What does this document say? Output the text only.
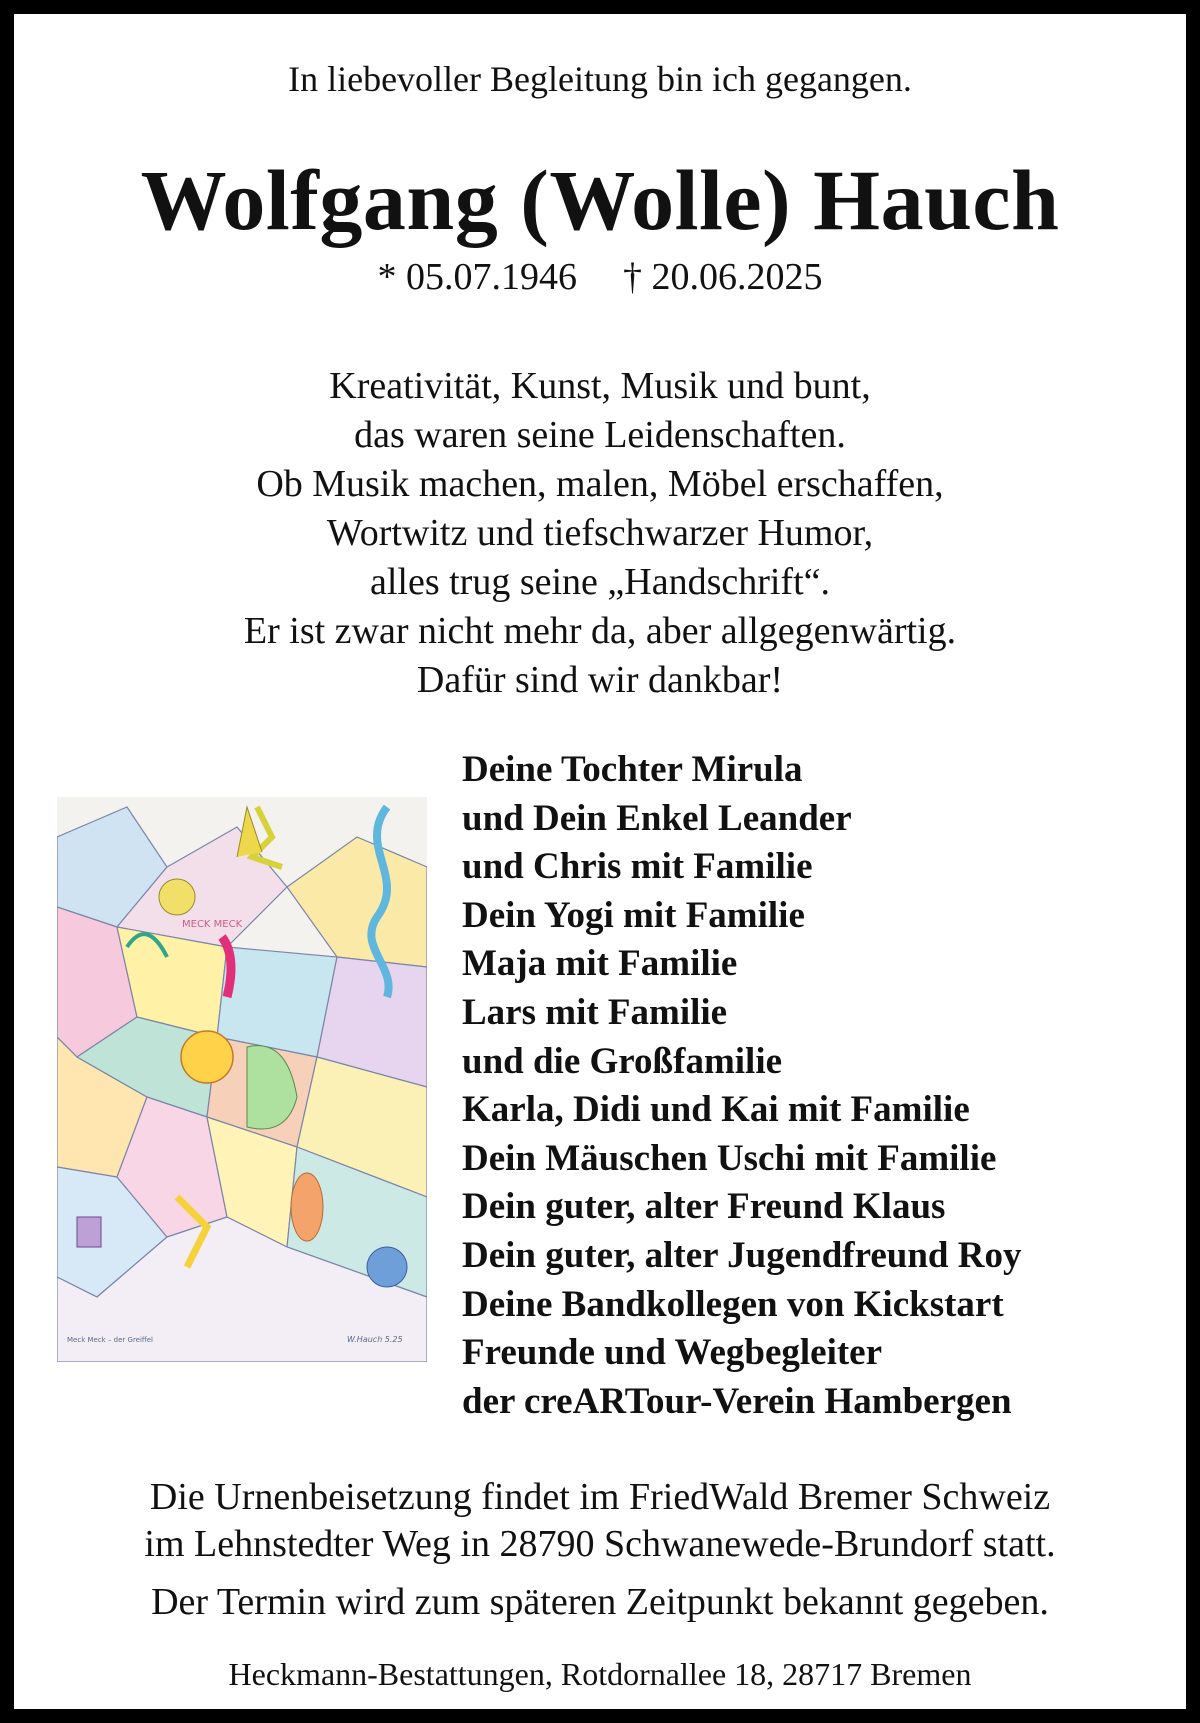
In liebevoller Begleitung bin ich gegangen.
Wolfgang (Wolle) Hauch
* 05.07.1946 † 20.06.2025
Kreativität, Kunst, Musik und bunt,
das waren seine Leidenschaften.
Ob Musik machen, malen, Möbel erschaffen,
Wortwitz und tiefschwarzer Humor,
alles trug seine „Handschrift“.
Er ist zwar nicht mehr da, aber allgegenwärtig.
Dafür sind wir dankbar!
MECK MECK
Meck Meck – der Greiffel	W.Hauch 5.25
Deine Tochter Mirula
und Dein Enkel Leander
und Chris mit Familie
Dein Yogi mit Familie
Maja mit Familie
Lars mit Familie
und die Großfamilie
Karla, Didi und Kai mit Familie
Dein Mäuschen Uschi mit Familie
Dein guter, alter Freund Klaus
Dein guter, alter Jugendfreund Roy
Deine Bandkollegen von Kickstart
Freunde und Wegbegleiter
der creARTour-Verein Hambergen
Die Urnenbeisetzung findet im FriedWald Bremer Schweiz
im Lehnstedter Weg in 28790 Schwanewede-Brundorf statt.
Der Termin wird zum späteren Zeitpunkt bekannt gegeben.
Heckmann-Bestattungen, Rotdornallee 18, 28717 Bremen
